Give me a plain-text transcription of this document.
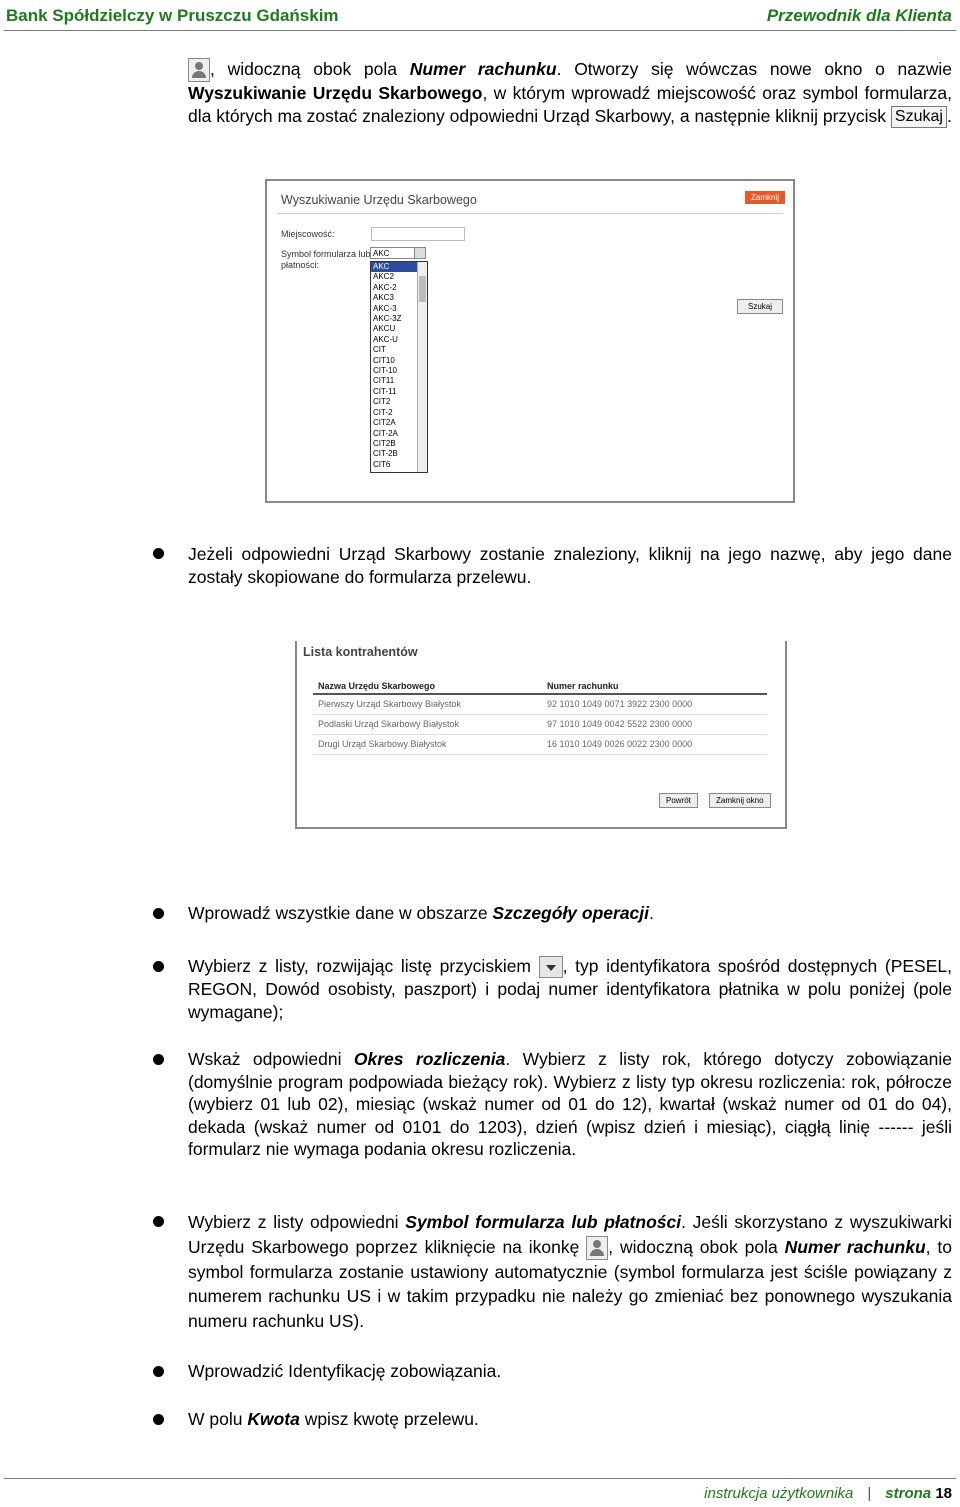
Bank Spółdzielczy w Pruszczu Gdańskim	Przewodnik dla Klienta
, widoczną obok pola Numer rachunku. Otworzy się wówczas nowe okno o nazwie Wyszukiwanie Urzędu Skarbowego, w którym wprowadź miejscowość oraz symbol formularza, dla których ma zostać znaleziony odpowiedni Urząd Skarbowy, a następnie kliknij przycisk Szukaj .
Wyszukiwanie Urzędu Skarbowego	Zamknij
Miejscowość:
Symbol formularza lub
płatności:
AKC
AKC
AKC2
AKC-2
AKC3
AKC-3
AKC-3Z
AKCU
AKC-U
CIT
CIT10
CIT-10
CIT11
CIT-11
CIT2
CIT-2
CIT2A
CIT-2A
CIT2B
CIT-2B
CIT6
Szukaj
Jeżeli odpowiedni Urząd Skarbowy zostanie znaleziony, kliknij na jego nazwę, aby jego dane zostały skopiowane do formularza przelewu.
Lista kontrahentów
Nazwa Urzędu Skarbowego	Numer rachunku
Pierwszy Urząd Skarbowy Białystok	92 1010 1049 0071 3922 2300 0000
Podlaski Urząd Skarbowy Białystok	97 1010 1049 0042 5522 2300 0000
Drugi Urząd Skarbowy Białystok	16 1010 1049 0026 0022 2300 0000
Powrót	Zamknij okno
Wprowadź wszystkie dane w obszarze Szczegóły operacji.
Wybierz z listy, rozwijając listę przyciskiem , typ identyfikatora spośród dostępnych (PESEL, REGON, Dowód osobisty, paszport) i podaj numer identyfikatora płatnika w polu poniżej (pole wymagane);
Wskaż odpowiedni Okres rozliczenia. Wybierz z listy rok, którego dotyczy zobowiązanie (domyślnie program podpowiada bieżący rok). Wybierz z listy typ okresu rozliczenia: rok, półrocze (wybierz 01 lub 02), miesiąc (wskaż numer od 01 do 12), kwartał (wskaż numer od 01 do 04), dekada (wskaż numer od 0101 do 1203), dzień (wpisz dzień i miesiąc), ciągłą linię ------ jeśli formularz nie wymaga podania okresu rozliczenia.
Wybierz z listy odpowiedni Symbol formularza lub płatności. Jeśli skorzystano z wyszukiwarki Urzędu Skarbowego poprzez kliknięcie na ikonkę , widoczną obok pola Numer rachunku, to symbol formularza zostanie ustawiony automatycznie (symbol formularza jest ściśle powiązany z numerem rachunku US i w takim przypadku nie należy go zmieniać bez ponownego wyszukania numeru rachunku US).
Wprowadzić Identyfikację zobowiązania.
W polu Kwota wpisz kwotę przelewu.
instrukcja użytkownika | strona 18
